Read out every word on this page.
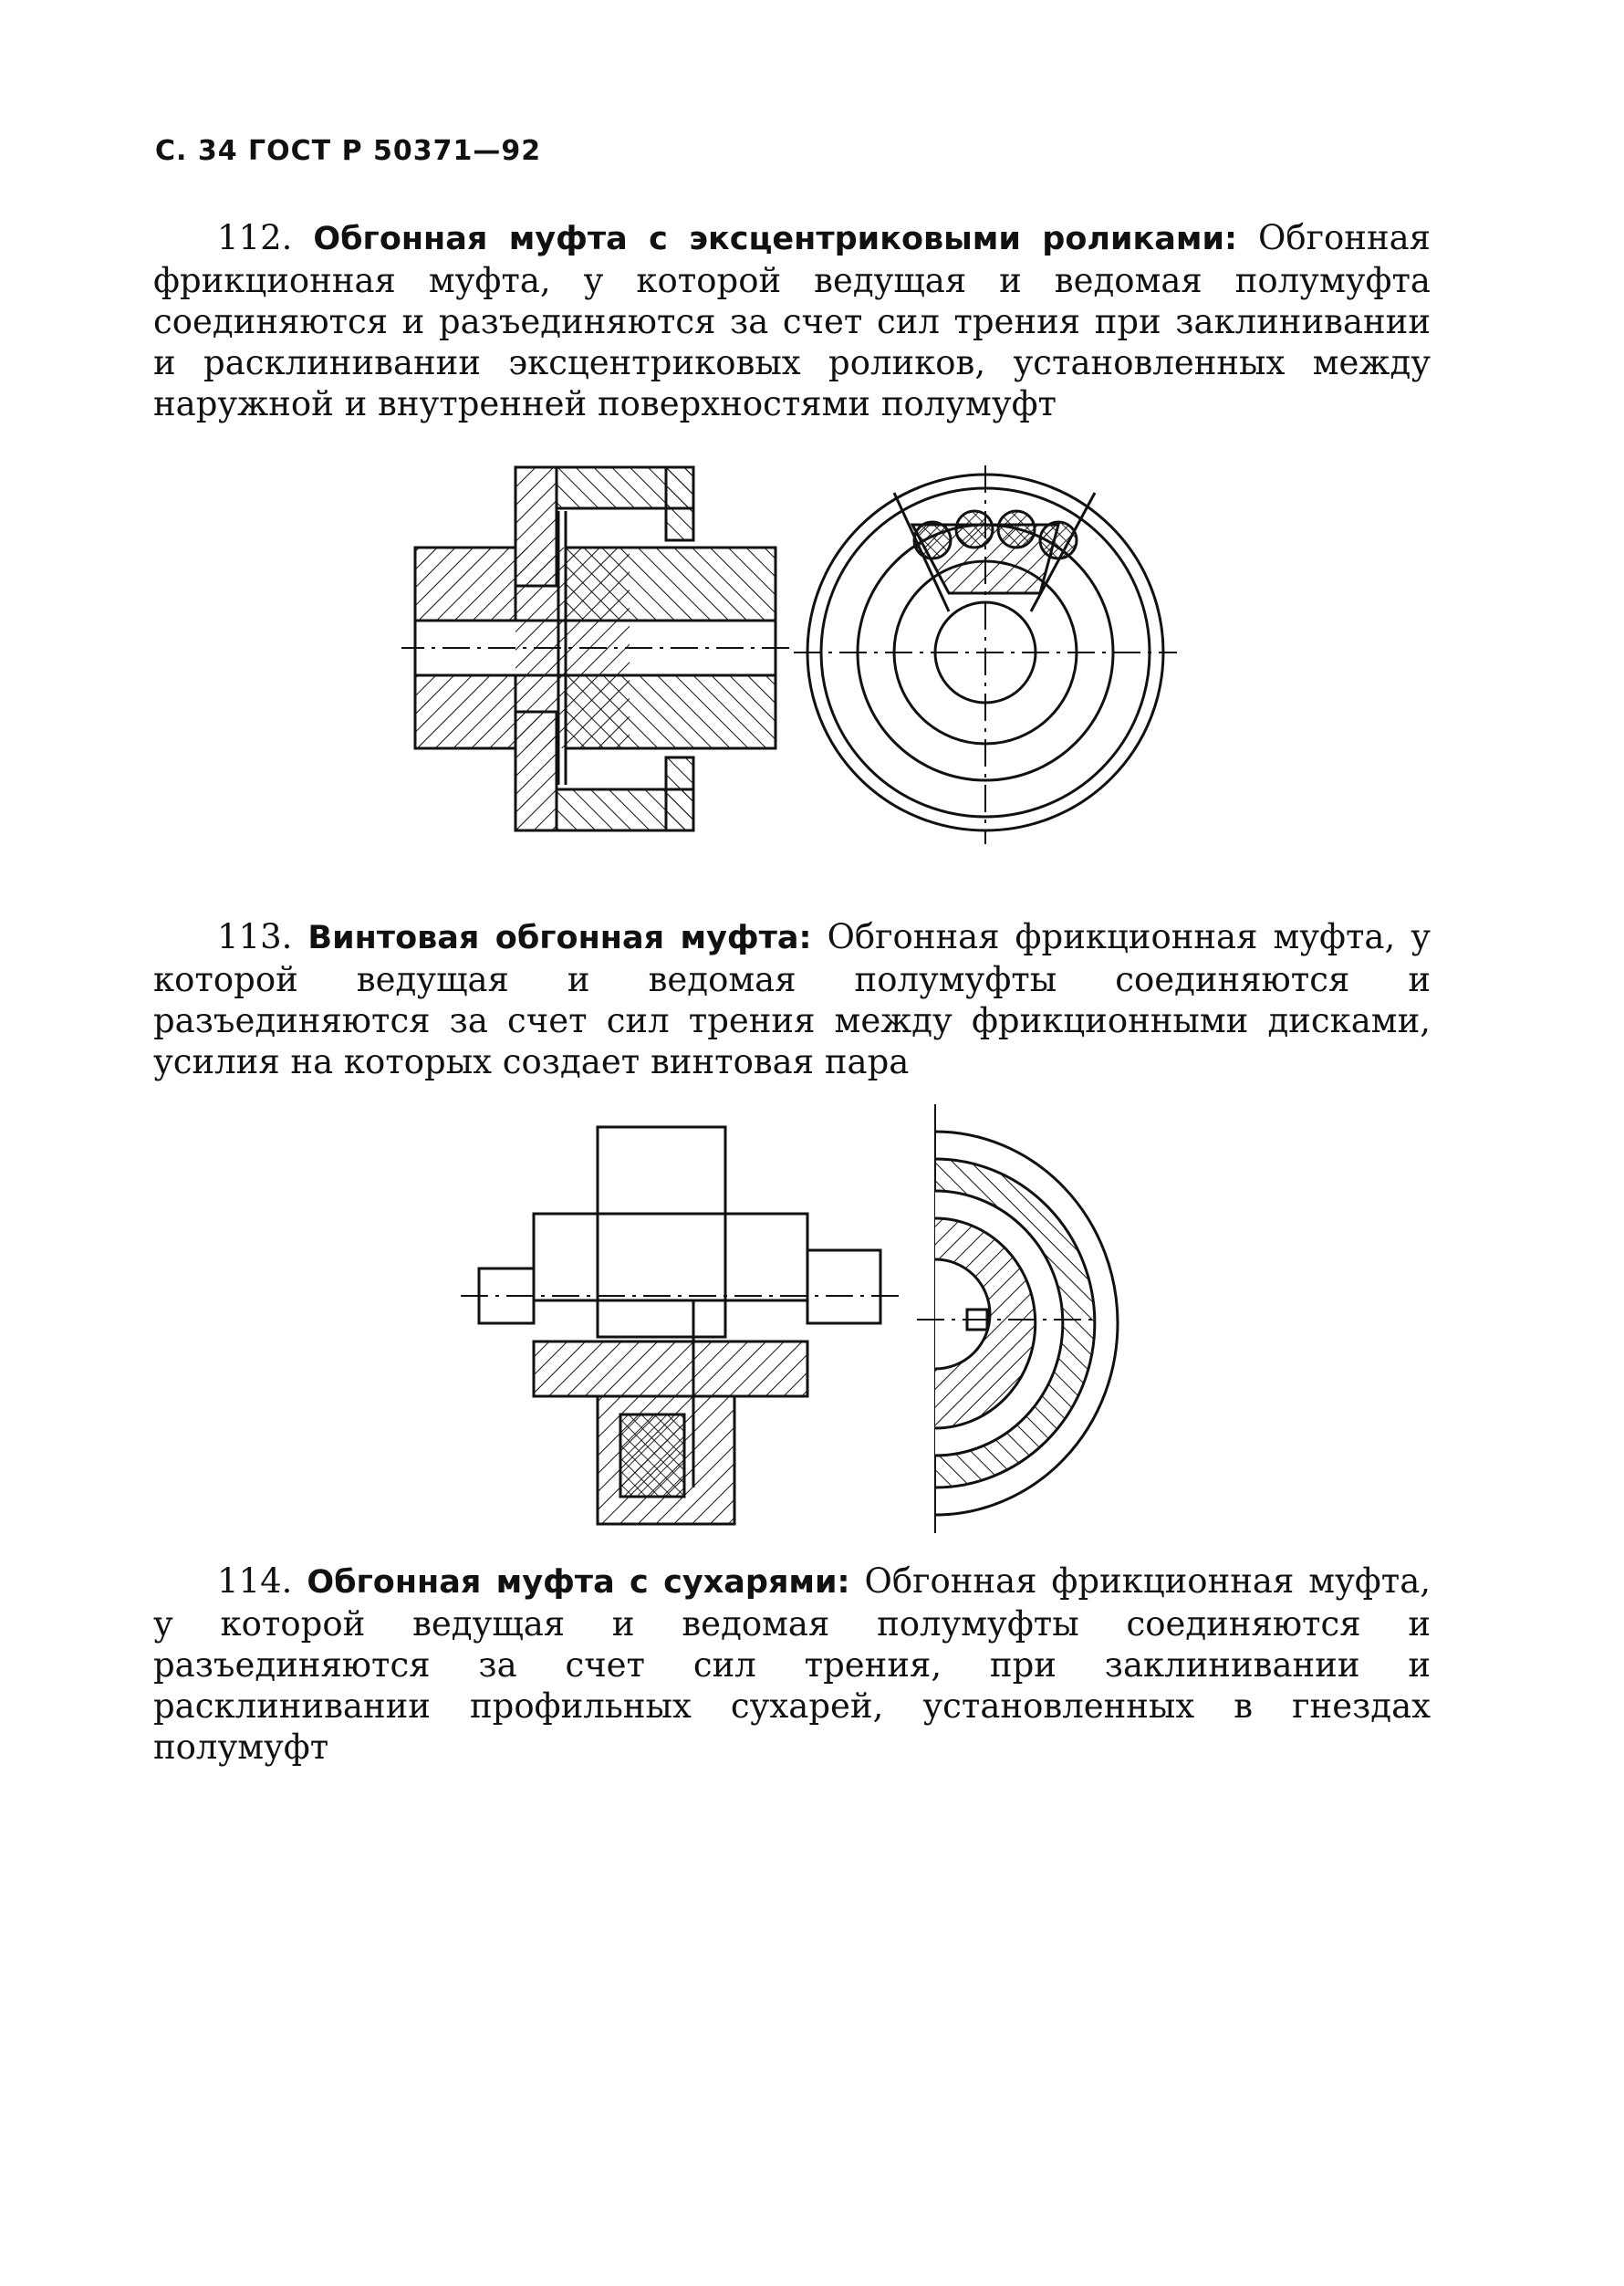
С. 34 ГОСТ Р 50371—92
112. Обгонная муфта с эксцентриковыми роликами: Обгонная фрикционная муфта, у которой ведущая и ведомая полумуфта соединяются и разъединяются за счет сил трения при заклинивании и расклинивании эксцентриковых роликов, установленных между наружной и внутренней поверхностями полумуфт
113. Винтовая обгонная муфта: Обгонная фрикционная муфта, у которой ведущая и ведомая полумуфты соединяются и разъединяются за счет сил трения между фрикционными дисками, усилия на которых создает винтовая пара
114. Обгонная муфта с сухарями: Обгонная фрикционная муфта, у которой ведущая и ведомая полумуфты соединяются и разъединяются за счет сил трения, при заклинивании и расклинивании профильных сухарей, установленных в гнездах полумуфт
